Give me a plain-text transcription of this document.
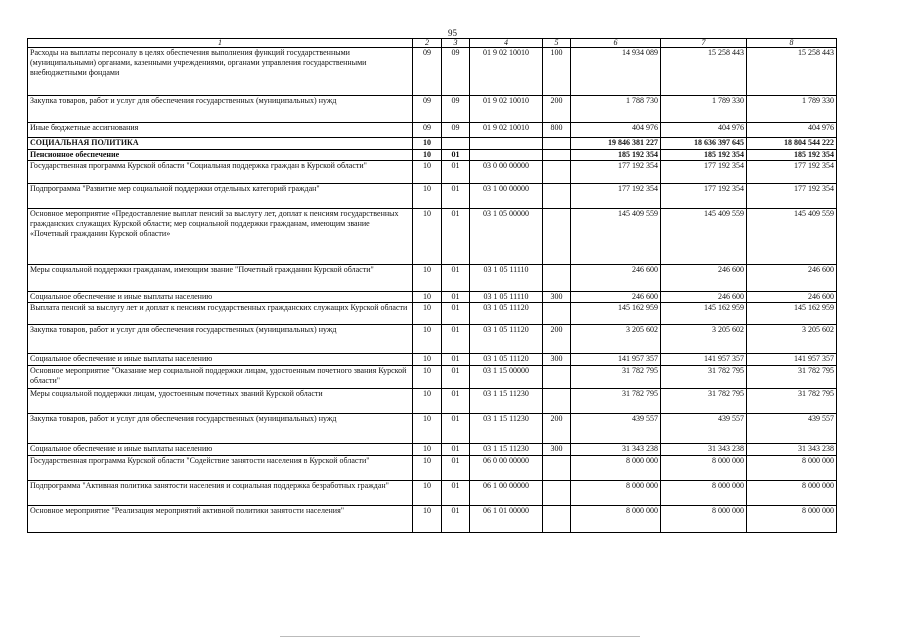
95
1	2	3	4	5	6	7	8
Расходы на выплаты персоналу в целях обеспечения выполнения функций государственными (муниципальными) органами, казенными учреждениями, органами управления государственными внебюджетными фондами	09	09	01 9 02 10010	100	14 934 089	15 258 443	15 258 443
Закупка товаров, работ и услуг для обеспечения государственных (муниципальных) нужд	09	09	01 9 02 10010	200	1 788 730	1 789 330	1 789 330
Иные бюджетные ассигнования	09	09	01 9 02 10010	800	404 976	404 976	404 976
СОЦИАЛЬНАЯ ПОЛИТИКА	10				19 846 381 227	18 636 397 645	18 804 544 222
Пенсионное обеспечение	10	01			185 192 354	185 192 354	185 192 354
Государственная программа Курской области "Социальная поддержка граждан в Курской области"	10	01	03 0 00 00000		177 192 354	177 192 354	177 192 354
Подпрограмма "Развитие мер социальной поддержки отдельных категорий граждан"	10	01	03 1 00 00000		177 192 354	177 192 354	177 192 354
Основное мероприятие «Предоставление выплат пенсий за выслугу лет, доплат к пенсиям государственных гражданских служащих Курской области; мер социальной поддержки гражданам, имеющим звание «Почетный гражданин Курской области»	10	01	03 1 05 00000		145 409 559	145 409 559	145 409 559
Меры социальной поддержки гражданам, имеющим звание "Почетный гражданин Курской области"	10	01	03 1 05 11110		246 600	246 600	246 600
Социальное обеспечение и иные выплаты населению	10	01	03 1 05 11110	300	246 600	246 600	246 600
Выплата пенсий за выслугу лет и доплат к пенсиям государственных гражданских служащих Курской области	10	01	03 1 05 11120		145 162 959	145 162 959	145 162 959
Закупка товаров, работ и услуг для обеспечения государственных (муниципальных) нужд	10	01	03 1 05 11120	200	3 205 602	3 205 602	3 205 602
Социальное обеспечение и иные выплаты населению	10	01	03 1 05 11120	300	141 957 357	141 957 357	141 957 357
Основное мероприятие "Оказание мер социальной поддержки лицам, удостоенным почетного звания Курской области"	10	01	03 1 15 00000		31 782 795	31 782 795	31 782 795
Меры социальной поддержки лицам, удостоенным почетных званий Курской области	10	01	03 1 15 11230		31 782 795	31 782 795	31 782 795
Закупка товаров, работ и услуг для обеспечения государственных (муниципальных) нужд	10	01	03 1 15 11230	200	439 557	439 557	439 557
Социальное обеспечение и иные выплаты населению	10	01	03 1 15 11230	300	31 343 238	31 343 238	31 343 238
Государственная программа Курской области "Содействие занятости населения в Курской области"	10	01	06 0 00 00000		8 000 000	8 000 000	8 000 000
Подпрограмма "Активная политика занятости населения и социальная поддержка безработных граждан"	10	01	06 1 00 00000		8 000 000	8 000 000	8 000 000
Основное мероприятие "Реализация мероприятий активной политики занятости населения"	10	01	06 1 01 00000		8 000 000	8 000 000	8 000 000
